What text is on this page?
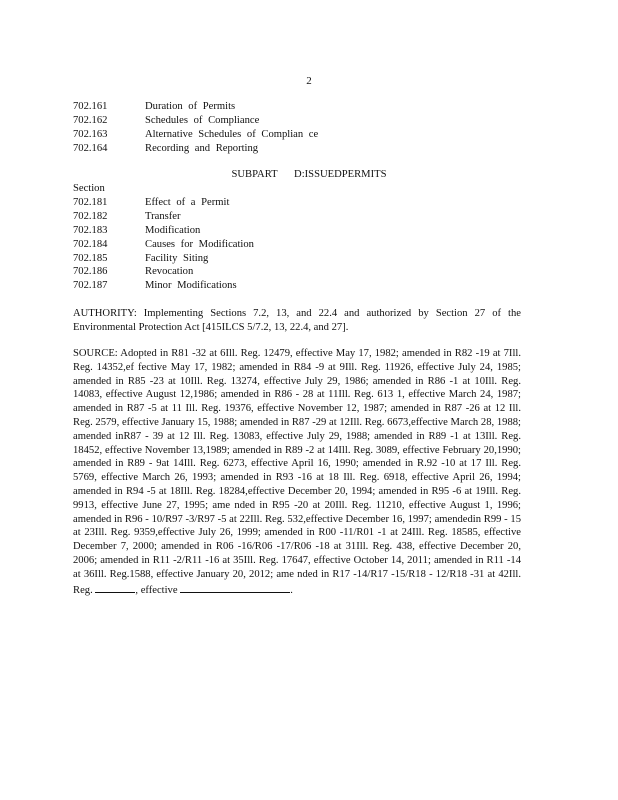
2
702.161	Duration of Permits
702.162	Schedules of Compliance
702.163	Alternative Schedules of Complian ce
702.164	Recording and Reporting
SUBPART D:ISSUEDPERMITS
Section
702.181	Effect of a Permit
702.182	Transfer
702.183	Modification
702.184	Causes for Modification
702.185	Facility Siting
702.186	Revocation
702.187	Minor Modifications
AUTHORITY: Implementing Sections 7.2, 13, and 22.4 and authorized by Section 27 of the Environmental Protection Act [415ILCS 5/7.2, 13, 22.4, and 27].
SOURCE: Adopted in R81 -32 at 6Ill. Reg. 12479, effective May 17, 1982; amended in R82 -19 at 7Ill. Reg. 14352,ef fective May 17, 1982; amended in R84 -9 at 9Ill. Reg. 11926, effective July 24, 1985; amended in R85 -23 at 10Ill. Reg. 13274, effective July 29, 1986; amended in R86 -1 at 10Ill. Reg. 14083, effective August 12,1986; amended in R86 - 28 at 11Ill. Reg. 613 1, effective March 24, 1987; amended in R87 -5 at 11 Ill. Reg. 19376, effective November 12, 1987; amended in R87 -26 at 12 Ill. Reg. 2579, effective January 15, 1988; amended in R87 -29 at 12Ill. Reg. 6673,effective March 28, 1988; amended inR87 - 39 at 12 Ill. Reg. 13083, effective July 29, 1988; amended in R89 -1 at 13Ill. Reg. 18452, effective November 13,1989; amended in R89 -2 at 14Ill. Reg. 3089, effective February 20,1990; amended in R89 - 9at 14Ill. Reg. 6273, effective April 16, 1990; amended in R.92 -10 at 17 Ill. Reg. 5769, effective March 26, 1993; amended in R93 -16 at 18 Ill. Reg. 6918, effective April 26, 1994; amended in R94 -5 at 18Ill. Reg. 18284,effective December 20, 1994; amended in R95 -6 at 19Ill. Reg. 9913, effective June 27, 1995; ame nded in R95 -20 at 20Ill. Reg. 11210, effective August 1, 1996; amended in R96 - 10/R97 -3/R97 -5 at 22Ill. Reg. 532,effective December 16, 1997; amendedin R99 - 15 at 23Ill. Reg. 9359,effective July 26, 1999; amended in R00 -11/R01 -1 at 24Ill. Reg. 18585, effective December 7, 2000; amended in R06 -16/R06 -17/R06 -18 at 31Ill. Reg. 438, effective December 20, 2006; amended in R11 -2/R11 -16 at 35Ill. Reg. 17647, effective October 14, 2011; amended in R11 -14 at 36Ill. Reg.1588, effective January 20, 2012; ame nded in R17 -14/R17 -15/R18 - 12/R18 -31 at 42Ill. Reg.	, effective	.
